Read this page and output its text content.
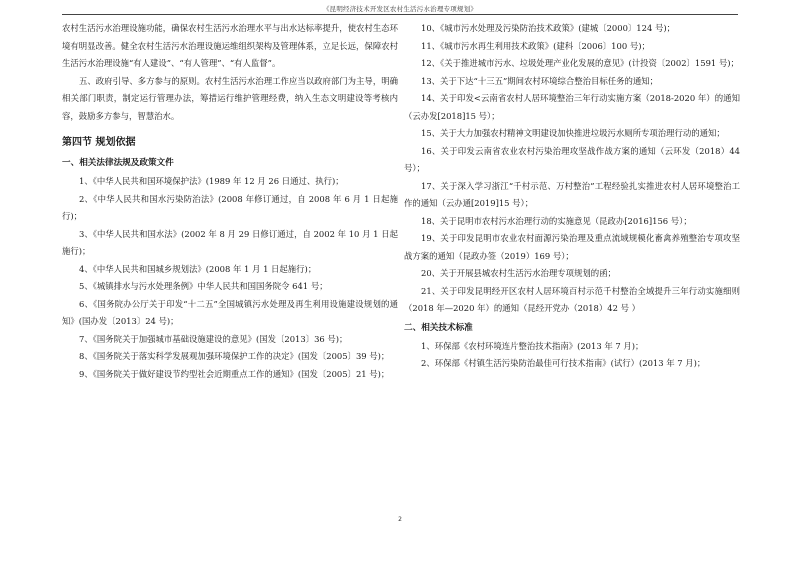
《昆明经济技术开发区农村生活污水治理专项规划》

农村生活污水治理设施功能，确保农村生活污水治理水平与出水达标率提升，使农村生态环境有明显改善。健全农村生活污水治理设施运维组织架构及管理体系，立足长远，保障农村生活污水治理设施“有人建设”、“有人管理”、“有人监督”。

五、政府引导、多方参与的原则。农村生活污水治理工作应当以政府部门为主导，明确相关部门职责，制定运行管理办法，筹措运行维护管理经费，纳入生态文明建设等考核内容，鼓励多方参与，智慧治水。

第四节 规划依据
一、相关法律法规及政策文件

1、《中华人民共和国环境保护法》(1989 年 12 月 26 日通过、执行)；

2、《中华人民共和国水污染防治法》(2008 年修订通过，自 2008 年 6 月 1 日起施行)；

3、《中华人民共和国水法》(2002 年 8 月 29 日修订通过，自 2002 年 10 月 1 日起施行)；

4、《中华人民共和国城乡规划法》(2008 年 1 月 1 日起施行)；

5、《城镇排水与污水处理条例》中华人民共和国国务院令 641 号；

6、《国务院办公厅关于印发“十二五”全国城镇污水处理及再生利用设施建设规划的通知》(国办发〔2013〕24 号)；

7、《国务院关于加强城市基础设施建设的意见》(国发〔2013〕36 号)；

8、《国务院关于落实科学发展观加强环境保护工作的决定》(国发〔2005〕39 号)；

9、《国务院关于做好建设节约型社会近期重点工作的通知》(国发〔2005〕21 号)；

10、《城市污水处理及污染防治技术政策》(建城〔2000〕124 号)；

11、《城市污水再生利用技术政策》(建科〔2006〕100 号)；

12、《关于推进城市污水、垃圾处理产业化发展的意见》(计投资〔2002〕1591 号)；

13、关于下达“十三五”期间农村环境综合整治目标任务的通知；

14、关于印发<云南省农村人居环境整治三年行动实施方案（2018-2020 年）的通知（云办发[2018]15 号）；

15、关于大力加强农村精神文明建设加快推进垃圾污水厕所专项治理行动的通知；

16、关于印发云南省农业农村污染治理攻坚战作战方案的通知（云环发（2018）44 号）；

17、关于深入学习浙江“千村示范、万村整治”工程经验扎实推进农村人居环境整治工作的通知（云办通[2019]15 号）；

18、关于昆明市农村污水治理行动的实施意见（昆政办[2016]156 号）；

19、关于印发昆明市农业农村面源污染治理及重点流域规模化畜禽养殖整治专项攻坚战方案的通知（昆政办签（2019）169 号）；

20、关于开展县城农村生活污水治理专项规划的函；

21、关于印发昆明经开区农村人居环境百村示范千村整治全域提升三年行动实施细则（2018 年—2020 年）的通知（昆经开党办（2018）42 号 ）

二、相关技术标准

1、环保部《农村环境连片整治技术指南》(2013 年 7 月)；

2、环保部《村镇生活污染防治最佳可行技术指南》(试行）(2013 年 7 月)；

2
